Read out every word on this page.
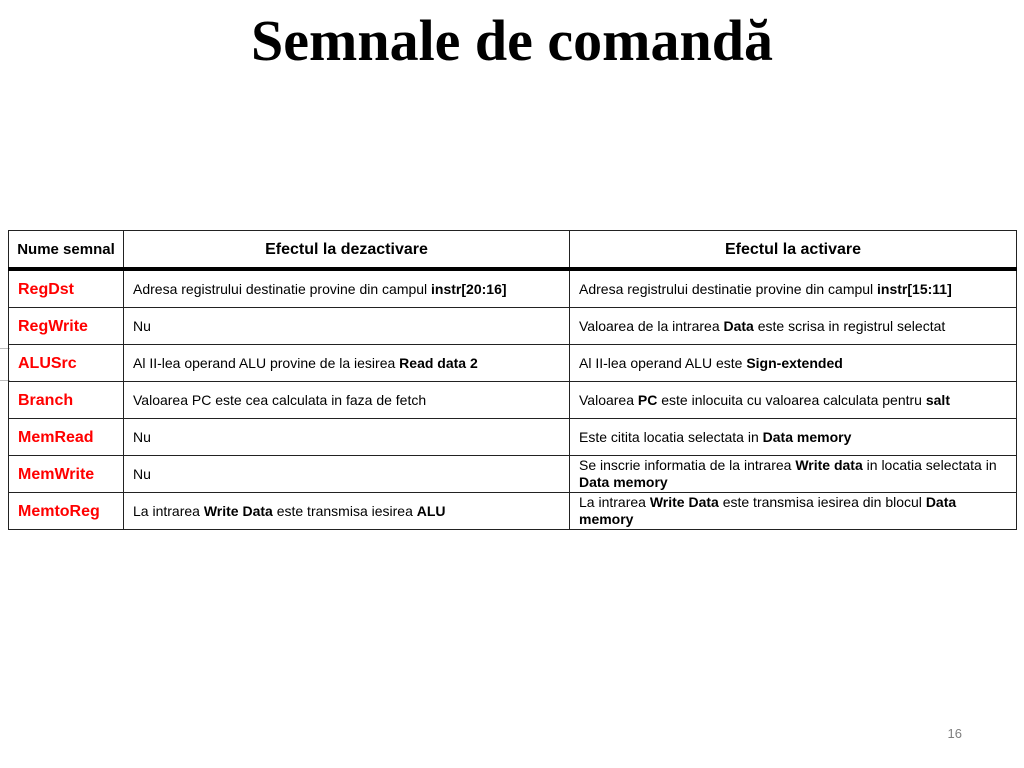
Semnale de comandă
Nume semnal	Efectul la dezactivare	Efectul la activare
RegDst	Adresa registrului destinatie provine din campul instr[20:16]	Adresa registrului destinatie provine din campul instr[15:11]
RegWrite	Nu	Valoarea de la intrarea Data este scrisa in registrul selectat
ALUSrc	Al II-lea operand ALU provine de la iesirea Read data 2	Al II-lea operand ALU este Sign-extended
Branch	Valoarea PC este cea calculata in faza de fetch	Valoarea PC este inlocuita cu valoarea calculata pentru salt
MemRead	Nu	Este citita locatia selectata in Data memory
MemWrite	Nu	Se inscrie informatia de la intrarea Write data in locatia selectata in Data memory
MemtoReg	La intrarea Write Data este transmisa iesirea ALU	La intrarea Write Data este transmisa iesirea din blocul Data memory
16
